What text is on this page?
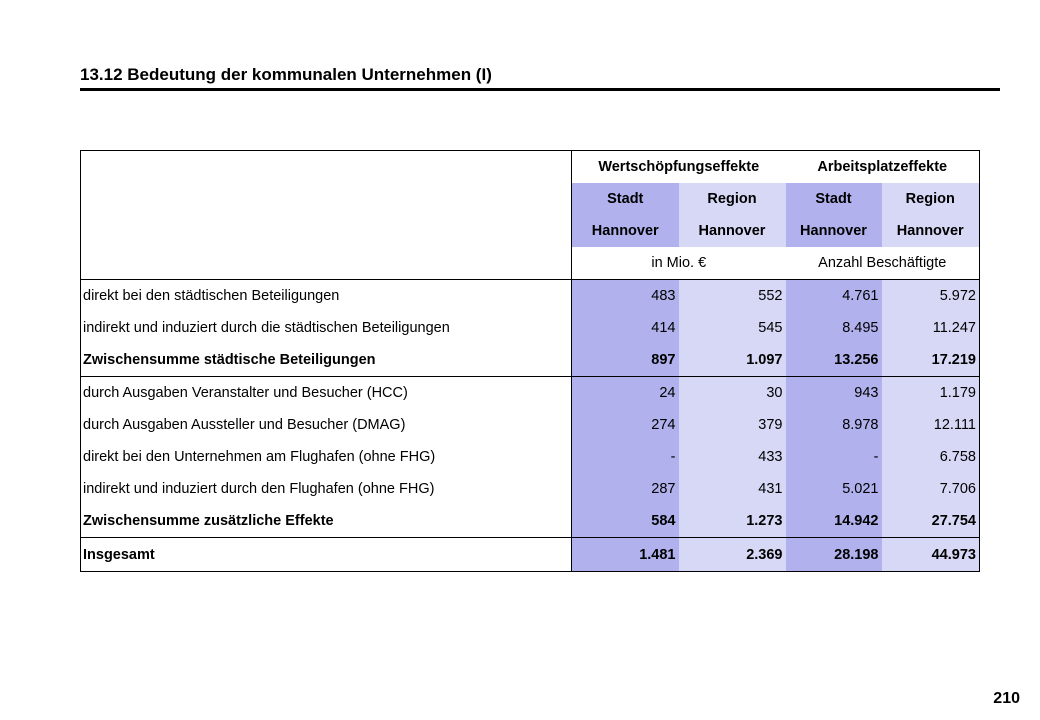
13.12 Bedeutung der kommunalen Unternehmen (I)
	Wertschöpfungseffekte		Arbeitsplatzeffekte	
	Stadt	Region	Stadt	Region
	Hannover	Hannover	Hannover	Hannover
	in Mio. €		Anzahl Beschäftigte	
direkt bei den städtischen Beteiligungen	483	552	4.761	5.972
indirekt und induziert durch die städtischen Beteiligungen	414	545	8.495	11.247
Zwischensumme städtische Beteiligungen	897	1.097	13.256	17.219
durch Ausgaben Veranstalter und Besucher (HCC)	24	30	943	1.179
durch Ausgaben Aussteller und Besucher (DMAG)	274	379	8.978	12.111
direkt bei den Unternehmen am Flughafen (ohne FHG)	-	433	-	6.758
indirekt und induziert durch den Flughafen (ohne FHG)	287	431	5.021	7.706
Zwischensumme zusätzliche Effekte	584	1.273	14.942	27.754
Insgesamt	1.481	2.369	28.198	44.973
210
